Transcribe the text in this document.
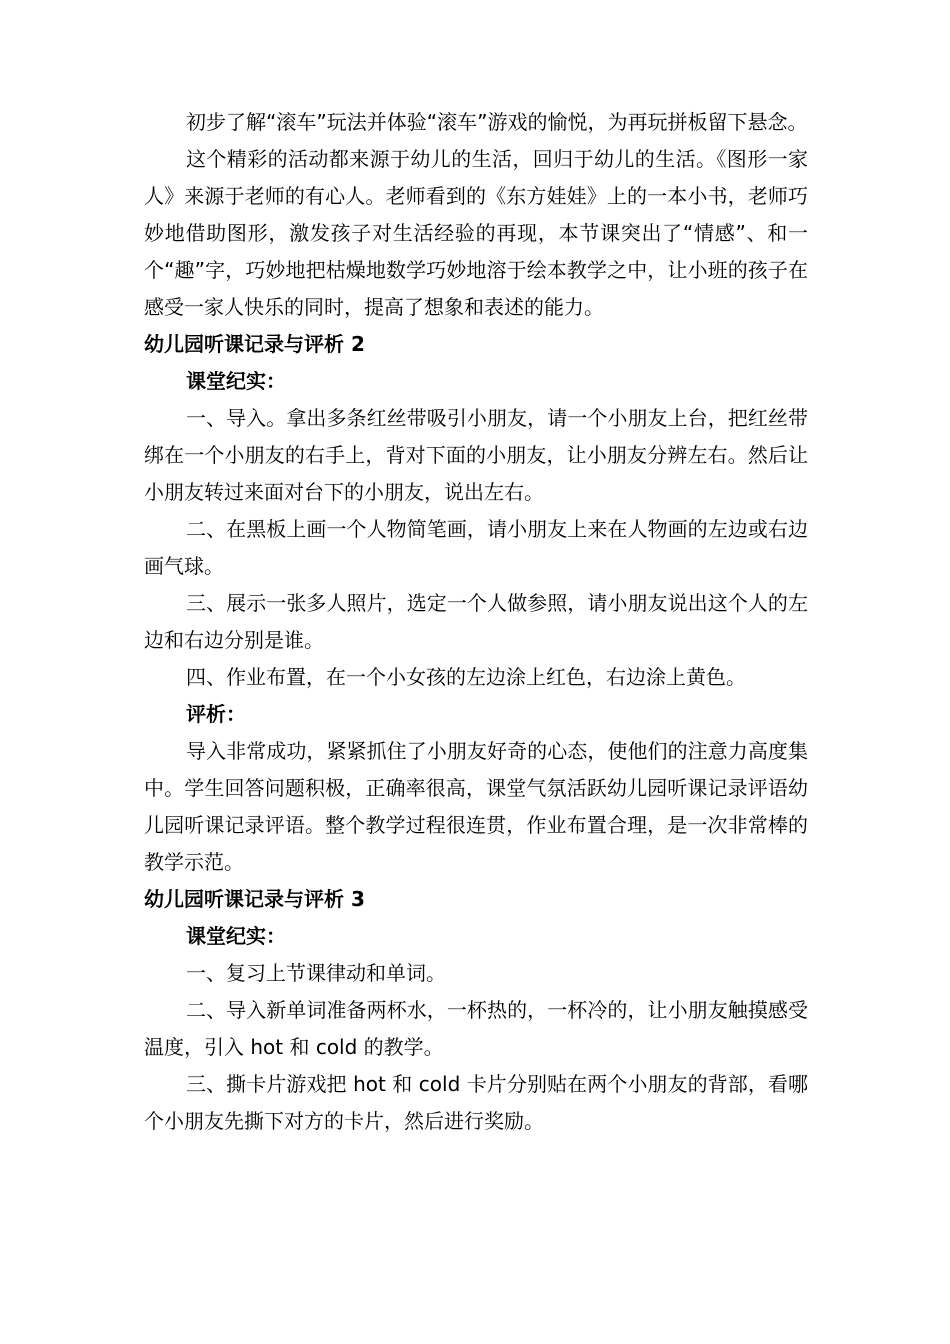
初步了解“滚车”玩法并体验“滚车”游戏的愉悦，为再玩拼板留下悬念。

这个精彩的活动都来源于幼儿的生活，回归于幼儿的生活。《图形一家人》来源于老师的有心人。老师看到的《东方娃娃》上的一本小书，老师巧妙地借助图形，激发孩子对生活经验的再现，本节课突出了“情感”、和一个“趣”字，巧妙地把枯燥地数学巧妙地溶于绘本教学之中，让小班的孩子在感受一家人快乐的同时，提高了想象和表述的能力。

幼儿园听课记录与评析 2

课堂纪实：

一、导入。拿出多条红丝带吸引小朋友，请一个小朋友上台，把红丝带绑在一个小朋友的右手上，背对下面的小朋友，让小朋友分辨左右。然后让小朋友转过来面对台下的小朋友，说出左右。

二、在黑板上画一个人物简笔画，请小朋友上来在人物画的左边或右边画气球。

三、展示一张多人照片，选定一个人做参照，请小朋友说出这个人的左边和右边分别是谁。

四、作业布置，在一个小女孩的左边涂上红色，右边涂上黄色。

评析：

导入非常成功，紧紧抓住了小朋友好奇的心态，使他们的注意力高度集中。学生回答问题积极，正确率很高，课堂气氛活跃幼儿园听课记录评语幼儿园听课记录评语。整个教学过程很连贯，作业布置合理，是一次非常棒的教学示范。

幼儿园听课记录与评析 3

课堂纪实：

一、复习上节课律动和单词。

二、导入新单词准备两杯水，一杯热的，一杯冷的，让小朋友触摸感受温度，引入 hot 和 cold 的教学。

三、撕卡片游戏把 hot 和 cold 卡片分别贴在两个小朋友的背部，看哪个小朋友先撕下对方的卡片，然后进行奖励。
